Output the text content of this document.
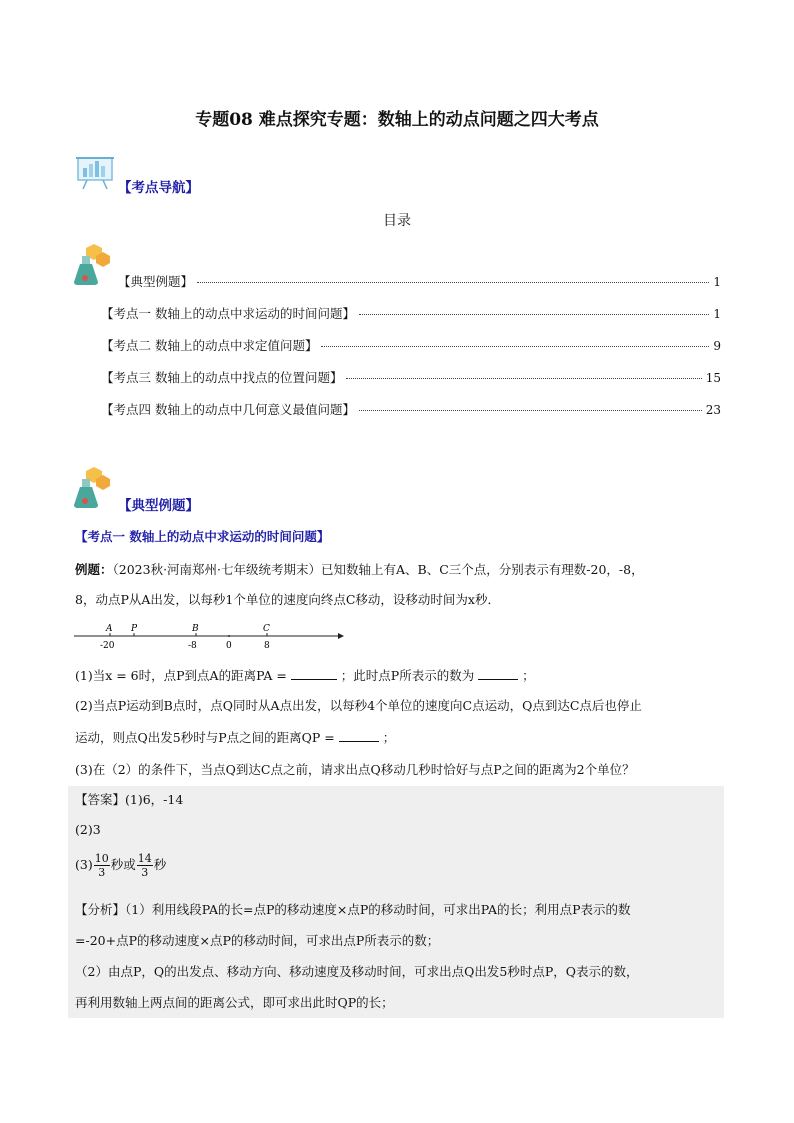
专题08 难点探究专题：数轴上的动点问题之四大考点
【考点导航】
目录
【典型例题】	1
【考点一 数轴上的动点中求运动的时间问题】	1
【考点二 数轴上的动点中求定值问题】	9
【考点三 数轴上的动点中找点的位置问题】	15
【考点四 数轴上的动点中几何意义最值问题】	23
【典型例题】
【考点一 数轴上的动点中求运动的时间问题】
例题：（2023秋·河南郑州·七年级统考期末）已知数轴上有A、B、C三个点，分别表示有理数-20，-8，
8，动点P从A出发，以每秒1个单位的速度向终点C移动，设移动时间为x秒．
A
-20
P	B
-8	0
C
8
(1)当x = 6时，点P到点A的距离PA =	；此时点P所表示的数为	；
(2)当点P运动到B点时，点Q同时从A点出发，以每秒4个单位的速度向C点运动，Q点到达C点后也停止
运动，则点Q出发5秒时与P点之间的距离QP =	；
(3)在（2）的条件下，当点Q到达C点之前，请求出点Q移动几秒时恰好与点P之间的距离为2个单位？
【答案】(1)6，-14
(2)3
$(3) \frac{10}{3}$ 秒或 $\frac{14}{3}$ 秒
【分析】（1）利用线段PA的长=点P的移动速度×点P的移动时间，可求出PA的长；利用点P表示的数
=-20+点P的移动速度×点P的移动时间，可求出点P所表示的数；
（2）由点P，Q的出发点、移动方向、移动速度及移动时间，可求出点Q出发5秒时点P，Q表示的数，
再利用数轴上两点间的距离公式，即可求出此时QP的长；
